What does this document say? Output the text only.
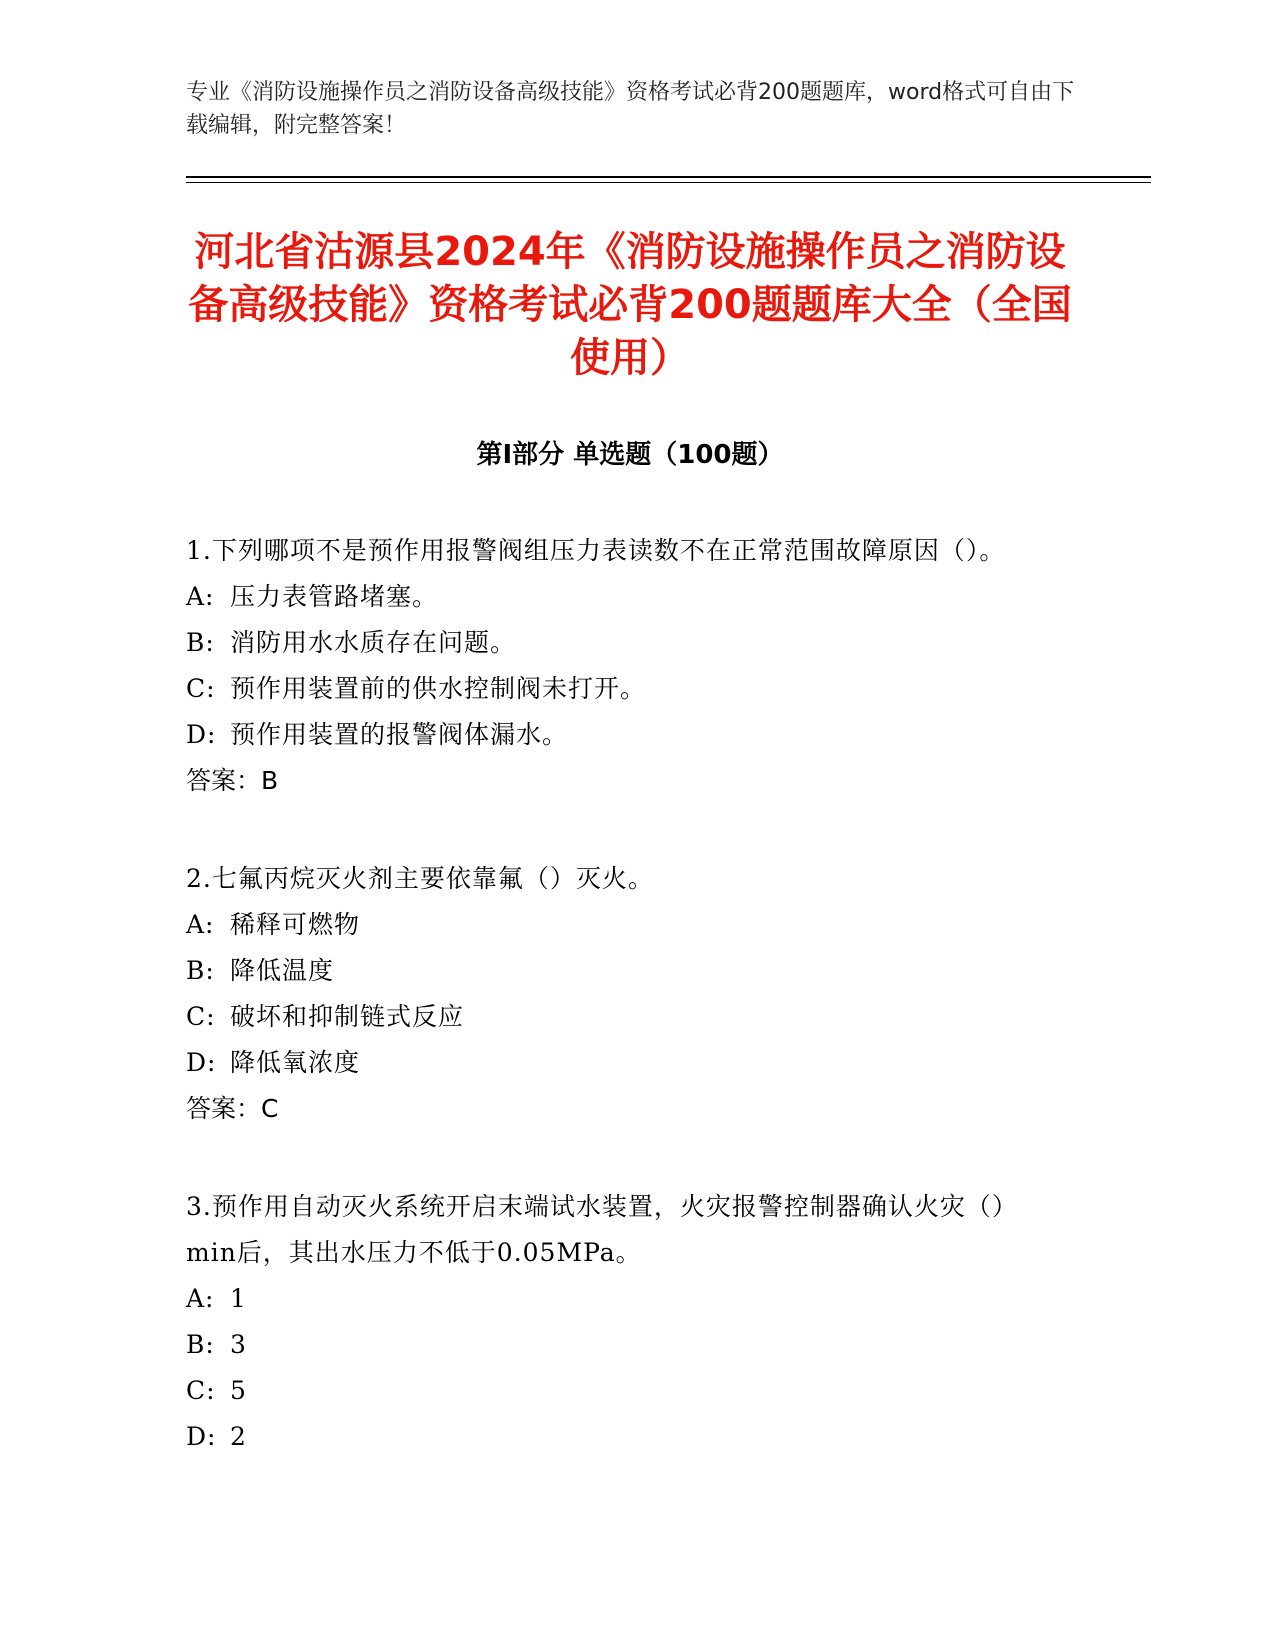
专业《消防设施操作员之消防设备高级技能》资格考试必背200题题库，word格式可自由下载编辑，附完整答案！
河北省沽源县2024年《消防设施操作员之消防设备高级技能》资格考试必背200题题库大全（全国使用）
第I部分 单选题（100题）
1.下列哪项不是预作用报警阀组压力表读数不在正常范围故障原因（）。
A: 压力表管路堵塞。
B: 消防用水水质存在问题。
C: 预作用装置前的供水控制阀未打开。
D: 预作用装置的报警阀体漏水。
答案：B
2.七氟丙烷灭火剂主要依靠氟（）灭火。
A: 稀释可燃物
B: 降低温度
C: 破坏和抑制链式反应
D: 降低氧浓度
答案：C
3.预作用自动灭火系统开启末端试水装置，火灾报警控制器确认火灾（）min后，其出水压力不低于0.05MPa。
A: 1
B: 3
C: 5
D: 2
